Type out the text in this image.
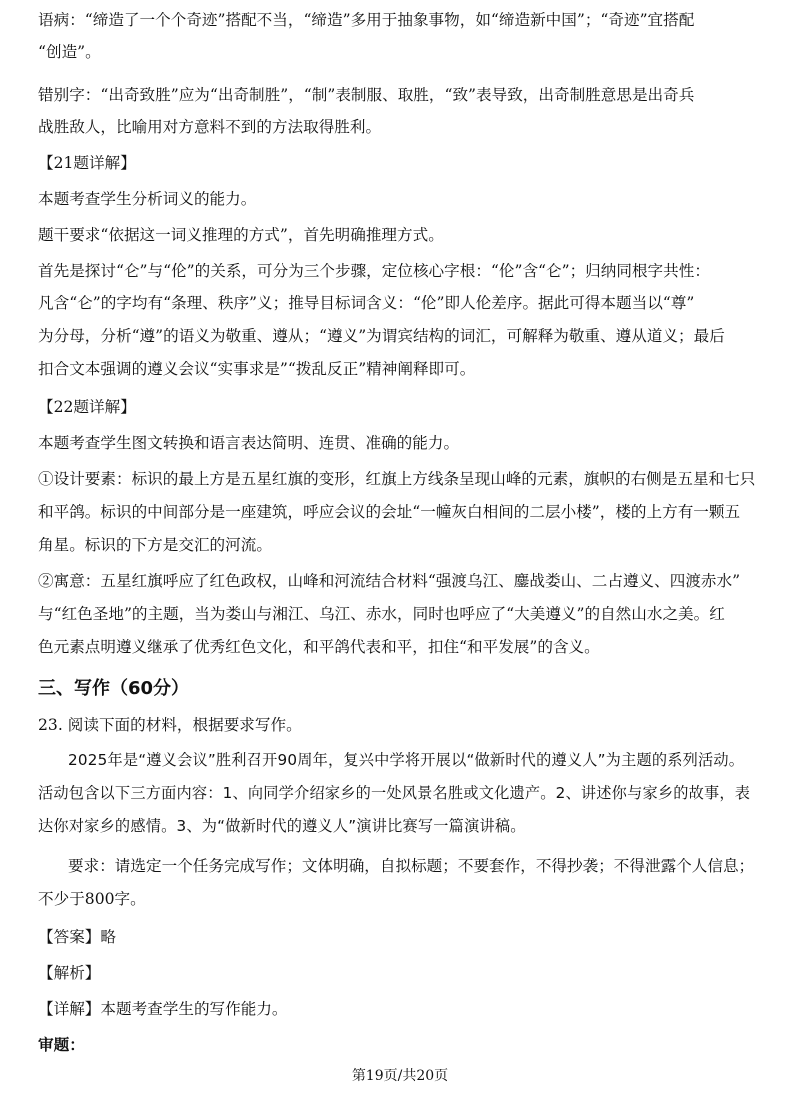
语病：“缔造了一个个奇迹”搭配不当，“缔造”多用于抽象事物，如“缔造新中国”；“奇迹”宜搭配
“创造”。
错别字：“出奇致胜”应为“出奇制胜”，“制”表制服、取胜，“致”表导致，出奇制胜意思是出奇兵
战胜敌人，比喻用对方意料不到的方法取得胜利。
【21题详解】
本题考查学生分析词义的能力。
题干要求“依据这一词义推理的方式”，首先明确推理方式。
首先是探讨“仑”与“伦”的关系，可分为三个步骤，定位核心字根：“伦”含“仑”；归纳同根字共性：
凡含“仑”的字均有“条理、秩序”义；推导目标词含义：“伦”即人伦差序。据此可得本题当以“尊”
为分母，分析“遵”的语义为敬重、遵从；“遵义”为谓宾结构的词汇，可解释为敬重、遵从道义；最后
扣合文本强调的遵义会议“实事求是”“拨乱反正”精神阐释即可。
【22题详解】
本题考查学生图文转换和语言表达简明、连贯、准确的能力。
①设计要素：标识的最上方是五星红旗的变形，红旗上方线条呈现山峰的元素，旗帜的右侧是五星和七只
和平鸽。标识的中间部分是一座建筑，呼应会议的会址“一幢灰白相间的二层小楼”，楼的上方有一颗五
角星。标识的下方是交汇的河流。
②寓意：五星红旗呼应了红色政权，山峰和河流结合材料“强渡乌江、鏖战娄山、二占遵义、四渡赤水”
与“红色圣地”的主题，当为娄山与湘江、乌江、赤水，同时也呼应了“大美遵义”的自然山水之美。红
色元素点明遵义继承了优秀红色文化，和平鸽代表和平，扣住“和平发展”的含义。
三、写作（60分）
23. 阅读下面的材料，根据要求写作。
2025年是“遵义会议”胜利召开90周年，复兴中学将开展以“做新时代的遵义人”为主题的系列活动。
活动包含以下三方面内容：1、向同学介绍家乡的一处风景名胜或文化遗产。2、讲述你与家乡的故事，表
达你对家乡的感情。3、为“做新时代的遵义人”演讲比赛写一篇演讲稿。
要求：请选定一个任务完成写作；文体明确，自拟标题；不要套作，不得抄袭；不得泄露个人信息；
不少于800字。
【答案】略
【解析】
【详解】本题考查学生的写作能力。
审题：
第19页/共20页
